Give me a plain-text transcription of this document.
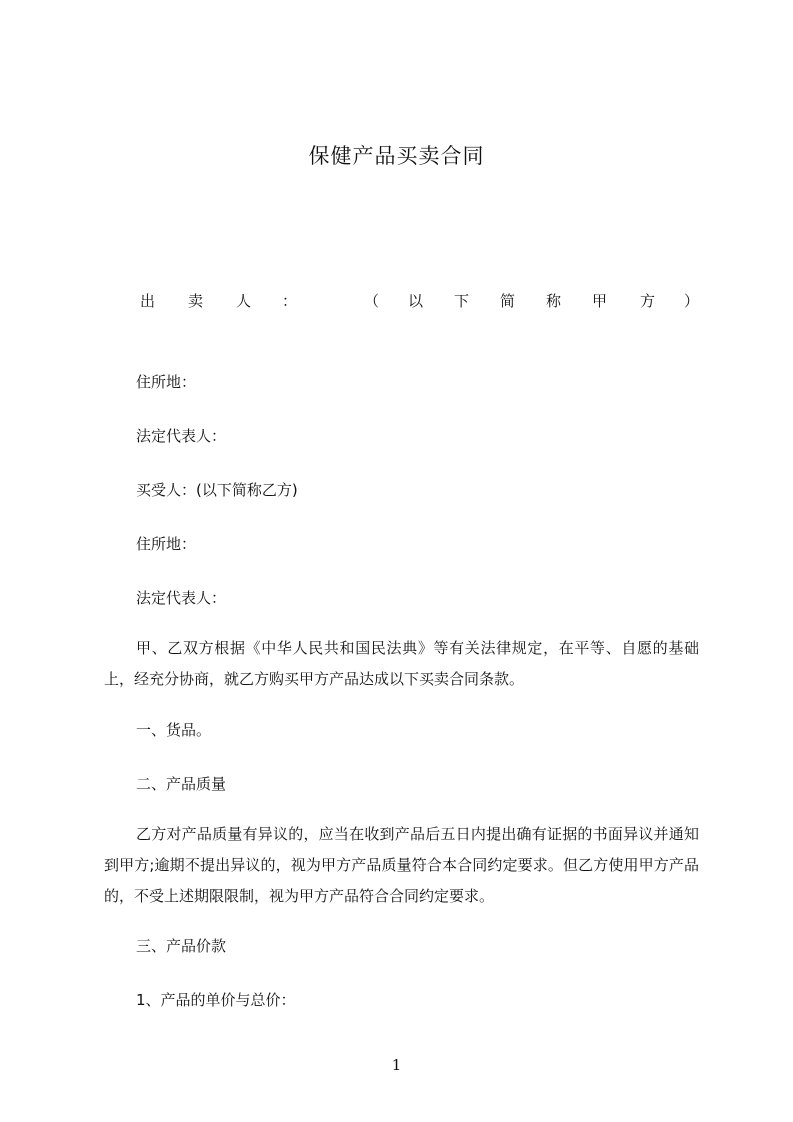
保健产品买卖合同
出 卖 人 ：	（ 以 下 简 称 甲 方 ）
住所地：
法定代表人：
买受人：(以下简称乙方)
住所地：
法定代表人：
甲、乙双方根据《中华人民共和国民法典》等有关法律规定，在平等、自愿的基础上，经充分协商，就乙方购买甲方产品达成以下买卖合同条款。
一、货品。
二、产品质量
乙方对产品质量有异议的，应当在收到产品后五日内提出确有证据的书面异议并通知到甲方;逾期不提出异议的，视为甲方产品质量符合本合同约定要求。但乙方使用甲方产品的，不受上述期限限制，视为甲方产品符合合同约定要求。
三、产品价款
1、产品的单价与总价：
1
